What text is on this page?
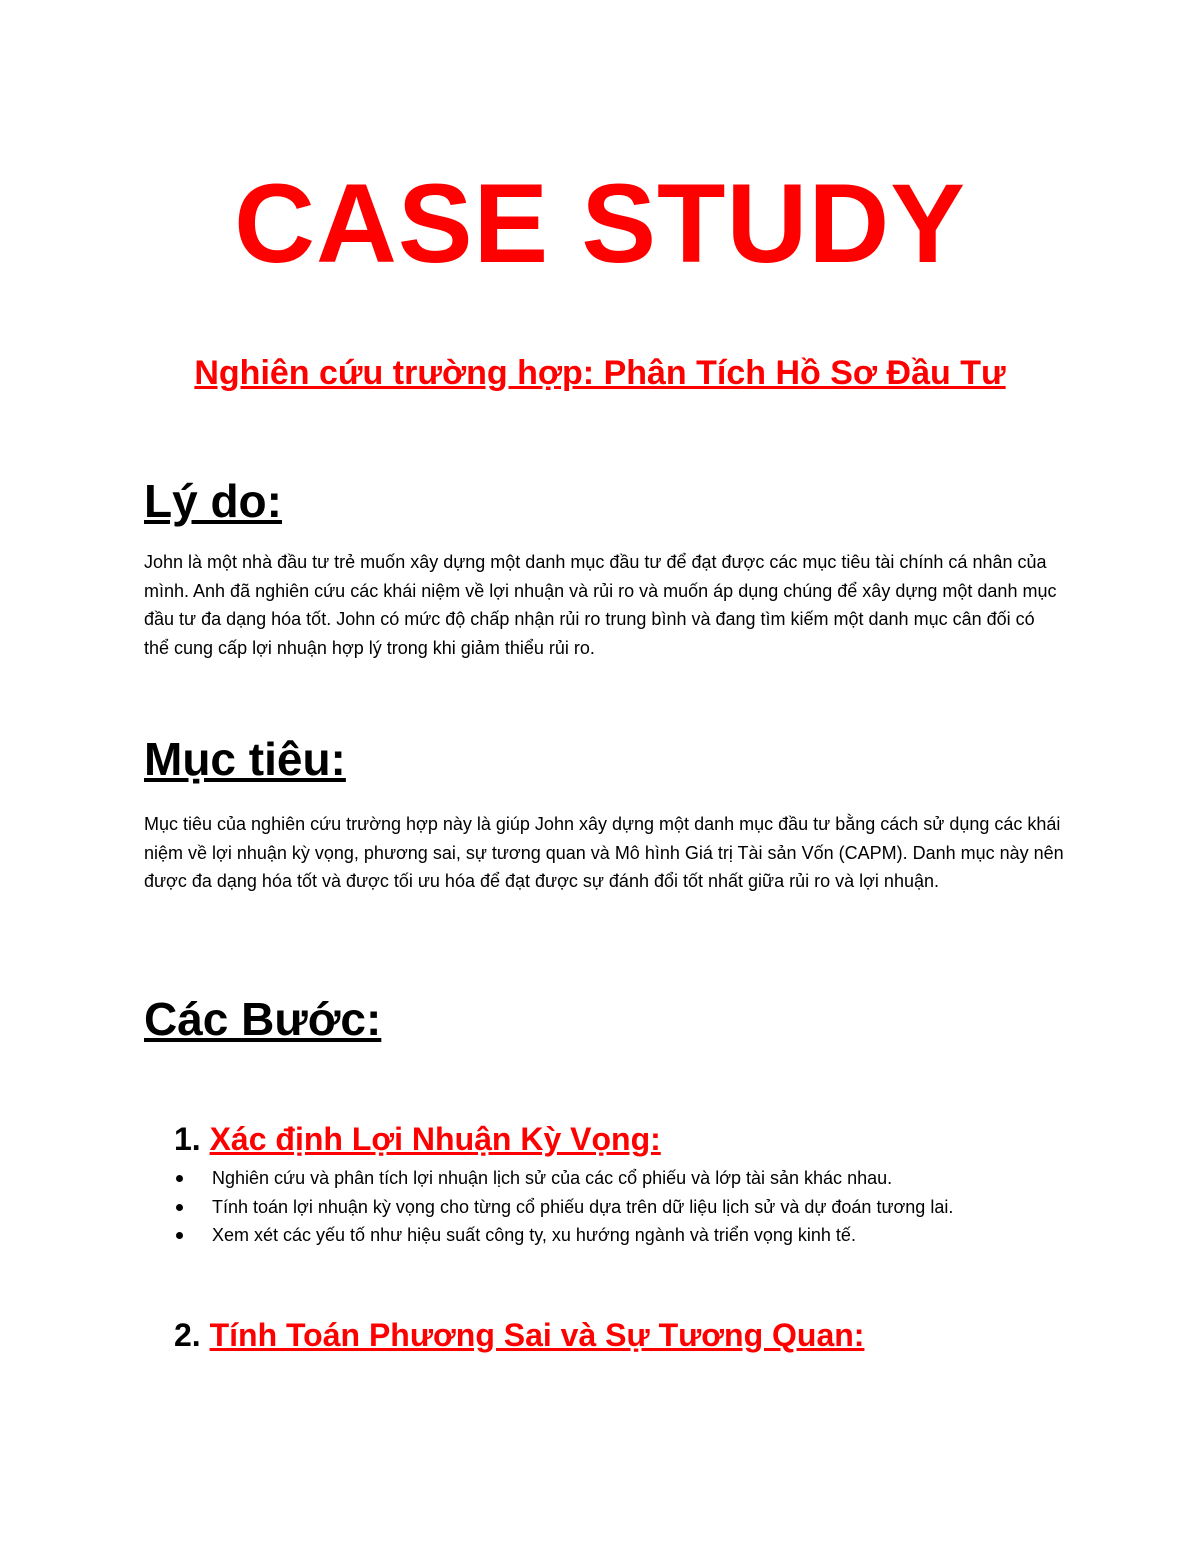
CASE STUDY
Nghiên cứu trường hợp: Phân Tích Hồ Sơ Đầu Tư
Lý do:

John là một nhà đầu tư trẻ muốn xây dựng một danh mục đầu tư để đạt được các mục tiêu tài chính cá nhân của mình. Anh đã nghiên cứu các khái niệm về lợi nhuận và rủi ro và muốn áp dụng chúng để xây dựng một danh mục đầu tư đa dạng hóa tốt. John có mức độ chấp nhận rủi ro trung bình và đang tìm kiếm một danh mục cân đối có thể cung cấp lợi nhuận hợp lý trong khi giảm thiểu rủi ro.

Mục tiêu:

Mục tiêu của nghiên cứu trường hợp này là giúp John xây dựng một danh mục đầu tư bằng cách sử dụng các khái niệm về lợi nhuận kỳ vọng, phương sai, sự tương quan và Mô hình Giá trị Tài sản Vốn (CAPM). Danh mục này nên được đa dạng hóa tốt và được tối ưu hóa để đạt được sự đánh đổi tốt nhất giữa rủi ro và lợi nhuận.

Các Bước:
1. Xác định Lợi Nhuận Kỳ Vọng:
Nghiên cứu và phân tích lợi nhuận lịch sử của các cổ phiếu và lớp tài sản khác nhau.
Tính toán lợi nhuận kỳ vọng cho từng cổ phiếu dựa trên dữ liệu lịch sử và dự đoán tương lai.
Xem xét các yếu tố như hiệu suất công ty, xu hướng ngành và triển vọng kinh tế.
2. Tính Toán Phương Sai và Sự Tương Quan:
